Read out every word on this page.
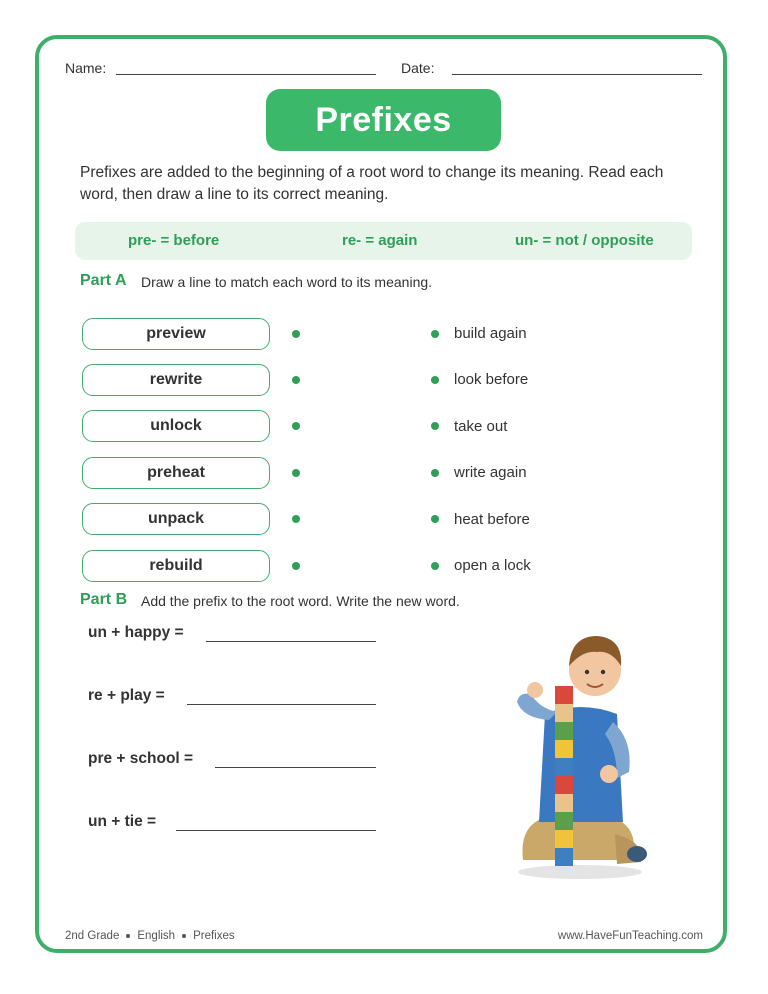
Name:	Date:
Prefixes
Prefixes are added to the beginning of a root word to change its meaning. Read each word, then draw a line to its correct meaning.
pre- = before	re- = again	un- = not / opposite
Part A Draw a line to match each word to its meaning.
preview
rewrite
unlock
preheat
unpack
rebuild
build again
look before
take out
write again
heat before
open a lock
Part B Add the prefix to the root word. Write the new word.
un + happy =
re + play =
pre + school =
un + tie =
2nd Grade English Prefixes	www.HaveFunTeaching.com
